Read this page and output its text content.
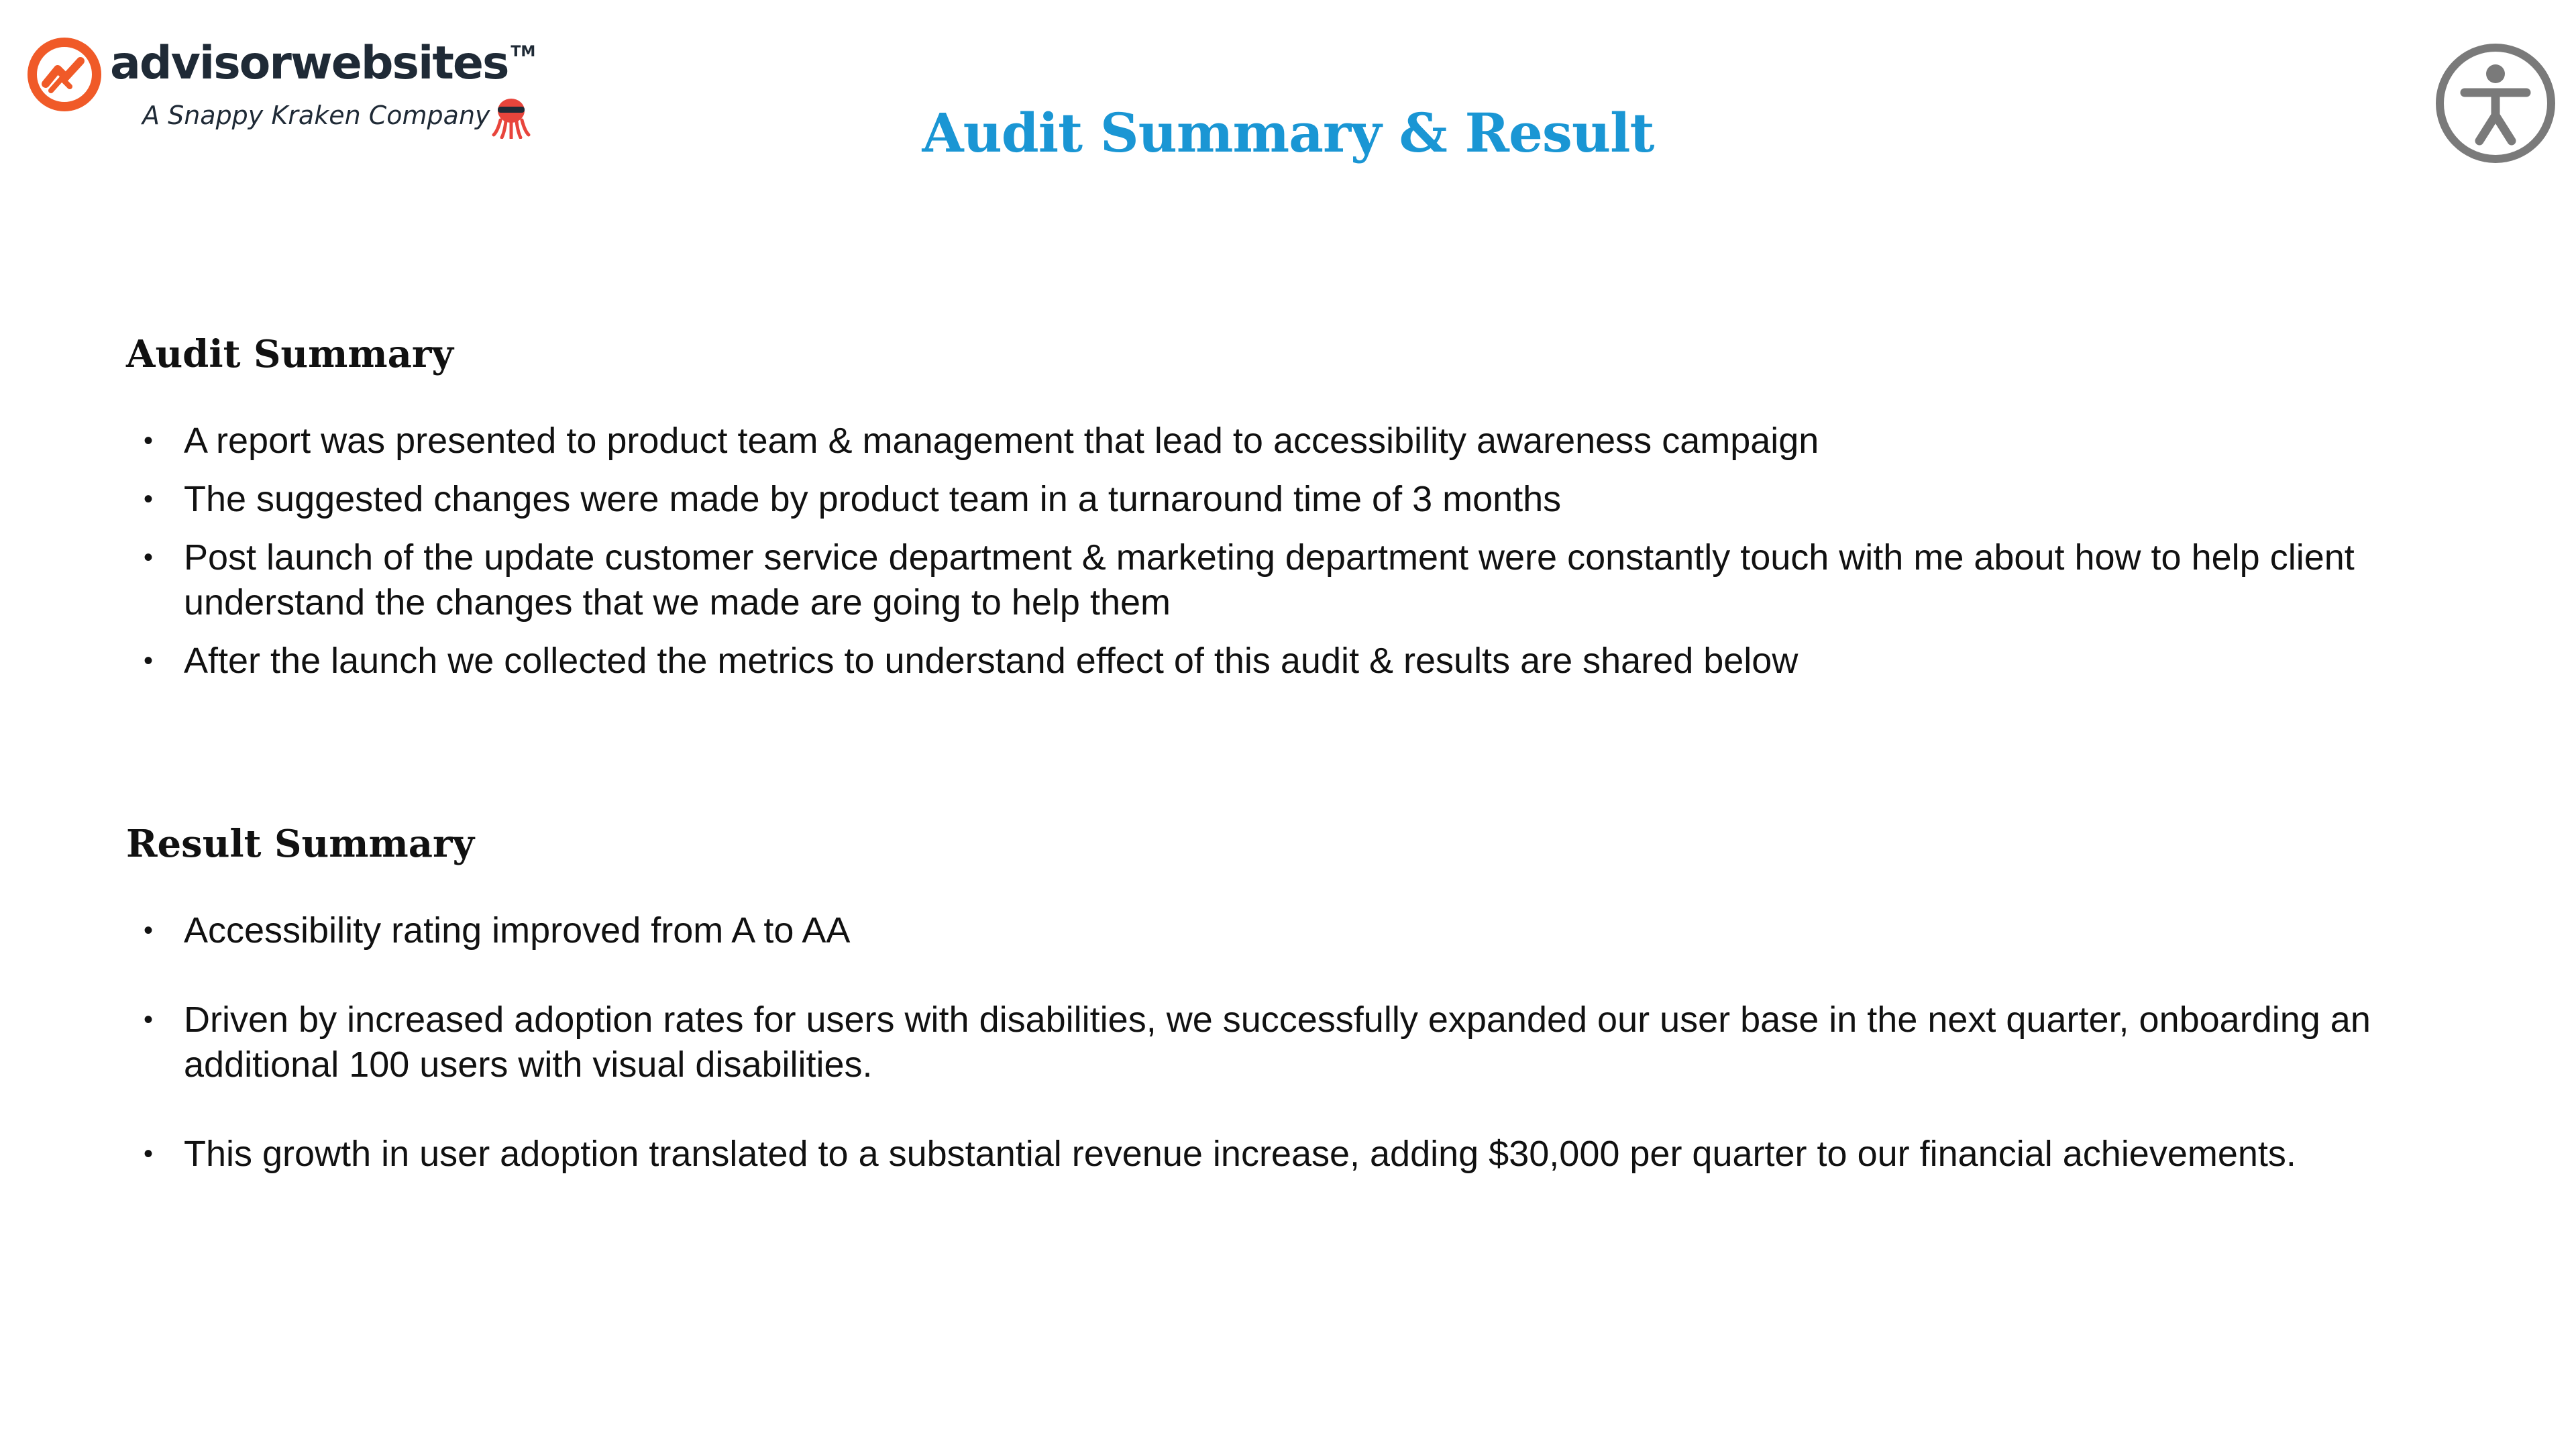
advisorwebsites ™
A Snappy Kraken Company	Audit Summary & Result
Audit Summary
• A report was presented to product team & management that lead to accessibility awareness campaign
• The suggested changes were made by product team in a turnaround time of 3 months
• Post launch of the update customer service department & marketing department were constantly touch with me about how to help client understand the changes that we made are going to help them
• After the launch we collected the metrics to understand effect of this audit & results are shared below
Result Summary
• Accessibility rating improved from A to AA
• Driven by increased adoption rates for users with disabilities, we successfully expanded our user base in the next quarter, onboarding an additional 100 users with visual disabilities.
• This growth in user adoption translated to a substantial revenue increase, adding $30,000 per quarter to our financial achievements.
